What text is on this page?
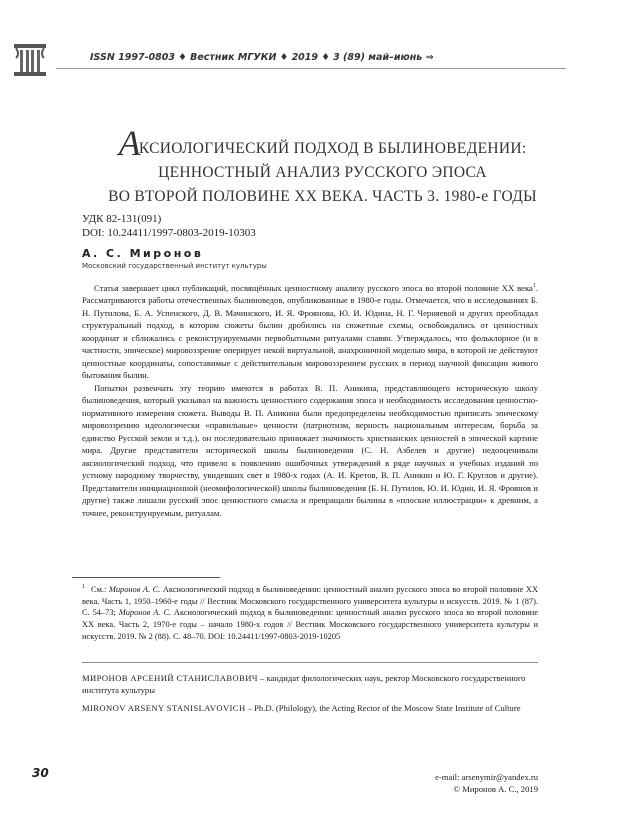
ISSN 1997-0803 ♦ Вестник МГУКИ ♦ 2019 ♦ 3 (89) май–июнь ⇒
АКСИОЛОГИЧЕСКИЙ ПОДХОД В БЫЛИНОВЕДЕНИИ:
ЦЕННОСТНЫЙ АНАЛИЗ РУССКОГО ЭПОСА
ВО ВТОРОЙ ПОЛОВИНЕ XX ВЕКА. ЧАСТЬ 3. 1980-е ГОДЫ
УДК 82-131(091)
DOI: 10.24411/1997-0803-2019-10303
А. С. Миронов
Московский государственный институт культуры

Статья завершает цикл публикаций, посвящённых ценностному анализу русского эпоса во второй половине XX века$^1$. Рассматриваются работы отечественных былиноведов, опубликованные в 1980-е годы. Отмечается, что в исследованиях Б. Н. Путилова, Б. А. Успенского, Д. В. Мачинского, И. Я. Фроянова, Ю. И. Юдина, Н. Г. Черняевой и других преобладал структуральный подход, в котором сюжеты былин дробились на сюжетные схемы, освобождались от ценностных координат и сближались с реконструируемыми первобытными ритуалами славян. Утверждалось, что фольклорное (и в частности, эпическое) мировоззрение оперирует некой виртуальной, анахроничной моделью мира, в которой не действуют ценностные координаты, сопоставимые с действительным мировоззрением русских в период научной фиксации живого бытования былин.

Попытки развенчать эту теорию имеются в работах В. П. Аникина, представляющего историческую школу былиноведения, который указывал на важность ценностного содержания эпоса и необходимость исследования ценностно-нормативного измерения сюжета. Выводы В. П. Аникина были предопределены необходимостью приписать эпическому мировоззрению идеологически «правильные» ценности (патриотизм, верность национальным интересам, борьба за единство Русской земли и т.д.), он последовательно принижает значимость христианских ценностей в эпической картине мира. Другие представители исторической школы былиноведения (С. Н. Азбелев и другие) недооценивали аксиологический подход, что привело к появлению ошибочных утверждений в ряде научных и учебных изданий по устному народному творчеству, увидевших свет в 1980-х годах (А. И. Кретов, В. П. Аникин и Ю. Г. Круглов и другие). Представители инициационной (неомифологической) школы былиноведения (Б. Н. Путилов, Ю. И. Юдин, И. Я. Фроянов и другие) также лишали русский эпос ценностного смысла и превращали былины в «плоские иллюстрации» к древним, а точнее, реконструируемым, ритуалам.

$^1$ См.: Миронов А. С. Аксиологический подход в былиноведении: ценностный анализ русского эпоса во второй половине XX века. Часть 1, 1950–1960-е годы // Вестник Московского государственного университета культуры и искусств. 2019. № 1 (87). С. 54–73; Миронов А. С. Аксиологический подход в былиноведении: ценностный анализ русского эпоса во второй половине XX века. Часть 2, 1970-е годы – начало 1980-х годов // Вестник Московского государственного университета культуры и искусств. 2019. № 2 (88). С. 48–70. DOI: 10.24411/1997-0803-2019-10205
МИРОНОВ АРСЕНИЙ СТАНИСЛАВОВИЧ – кандидат филологических наук, ректор Московского государственного института культуры
MIRONOV ARSENY STANISLAVOVICH – Ph.D. (Philology), the Acting Rector of the Moscow State Institute of Culture
e-mail: arsenymir@yandex.ru
© Миронов А. С., 2019
30
